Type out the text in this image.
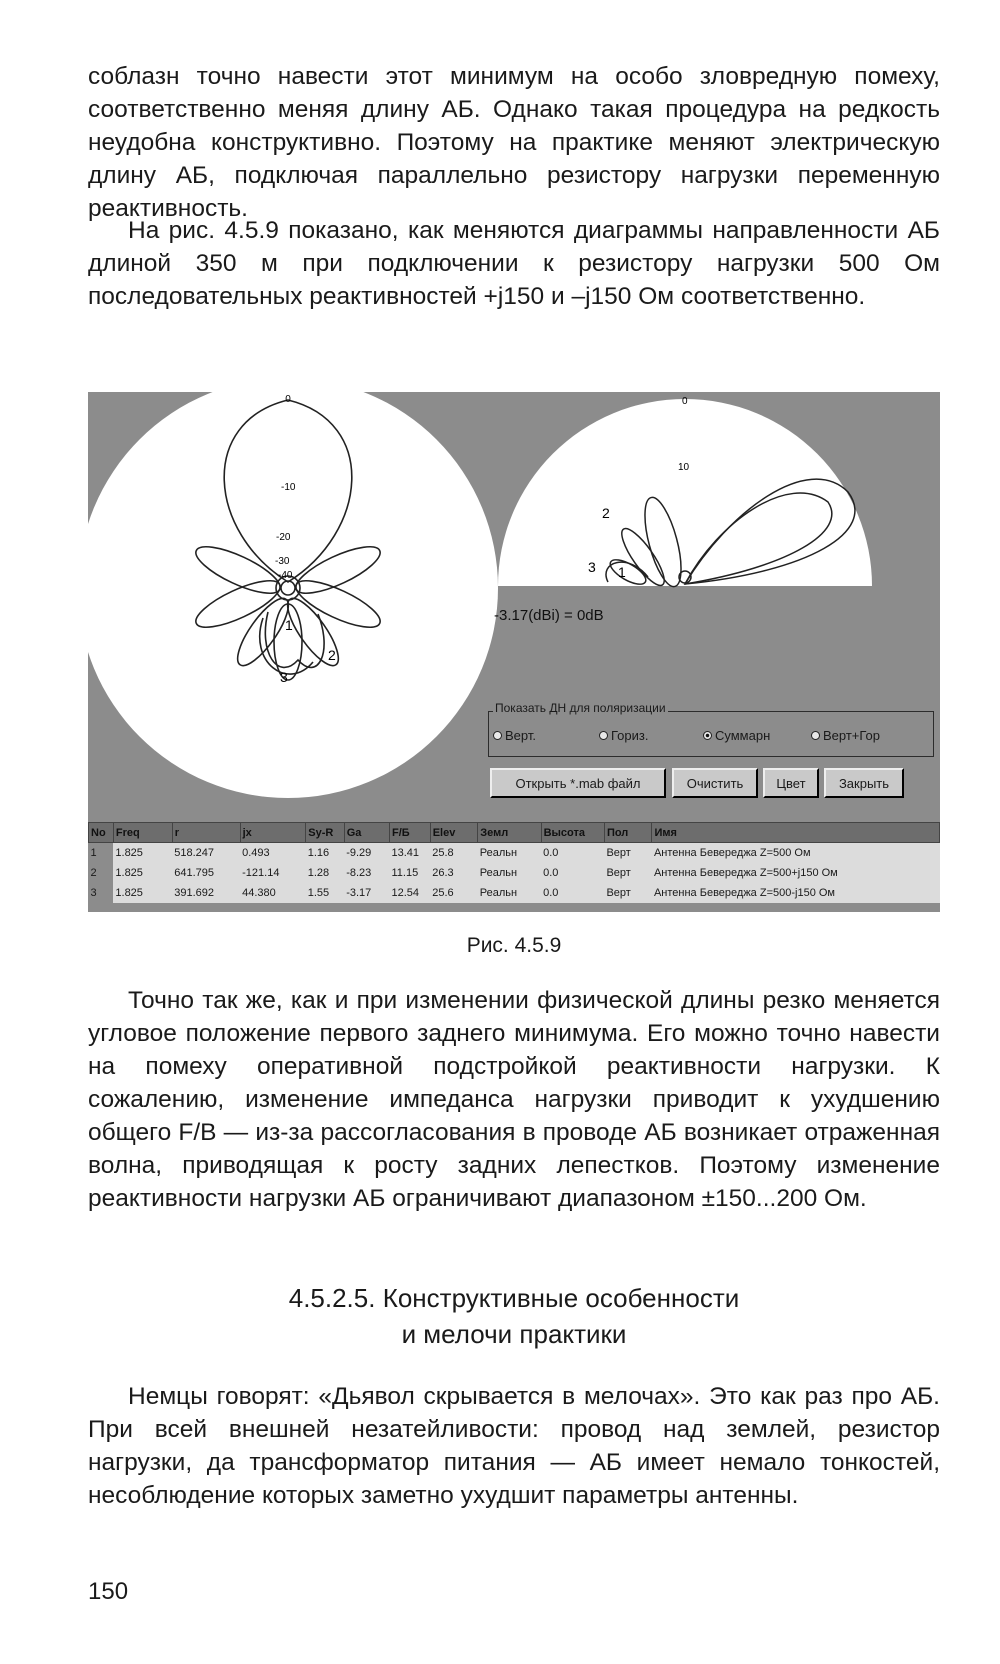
соблазн точно навести этот минимум на особо зловредную помеху, соответственно меняя длину АБ. Однако такая процедура на редкость неудобна конструктивно. Поэтому на практике меняют электрическую длину АБ, подключая параллельно резистору нагрузки переменную реактивность.

На рис. 4.5.9 показано, как меняются диаграммы направленности АБ длиной 350 м при подключении к резистору нагрузки 500 Ом последовательных реактивностей +j150 и –j150 Ом соответственно.

0
-10
-20
-30
-40
1
2
3
0
10
1
2
3
-3.17(dBi) = 0dB
Показать ДН для поляризации
Верт.	Гориз.	Суммарн	Верт+Гор
Открыть *.mab файл	Очистить	Цвет	Закрыть
No	Freq	r	jx	Sy-R	Ga	F/Б	Elev	Земл	Высота	Пол	Имя
1	1.825	518.247	0.493	1.16	-9.29	13.41	25.8	Реальн	0.0	Верт	Антенна Бевереджа Z=500 Ом
2	1.825	641.795	-121.14	1.28	-8.23	11.15	26.3	Реальн	0.0	Верт	Антенна Бевереджа Z=500+j150 Ом
3	1.825	391.692	44.380	1.55	-3.17	12.54	25.6	Реальн	0.0	Верт	Антенна Бевереджа Z=500-j150 Ом
Рис. 4.5.9

Точно так же, как и при изменении физической длины резко меняется угловое положение первого заднего минимума. Его можно точно навести на помеху оперативной подстройкой реактивности нагрузки. К сожалению, изменение импеданса нагрузки приводит к ухудшению общего F/B — из-за рассогласования в проводе АБ возникает отраженная волна, приводящая к росту задних лепестков. Поэтому изменение реактивности нагрузки АБ ограничивают диапазоном ±150...200 Ом.

4.5.2.5. Конструктивные особенности
и мелочи практики

Немцы говорят: «Дьявол скрывается в мелочах». Это как раз про АБ. При всей внешней незатейливости: провод над землей, резистор нагрузки, да трансформатор питания — АБ имеет немало тонкостей, несоблюдение которых заметно ухудшит параметры антенны.

150
